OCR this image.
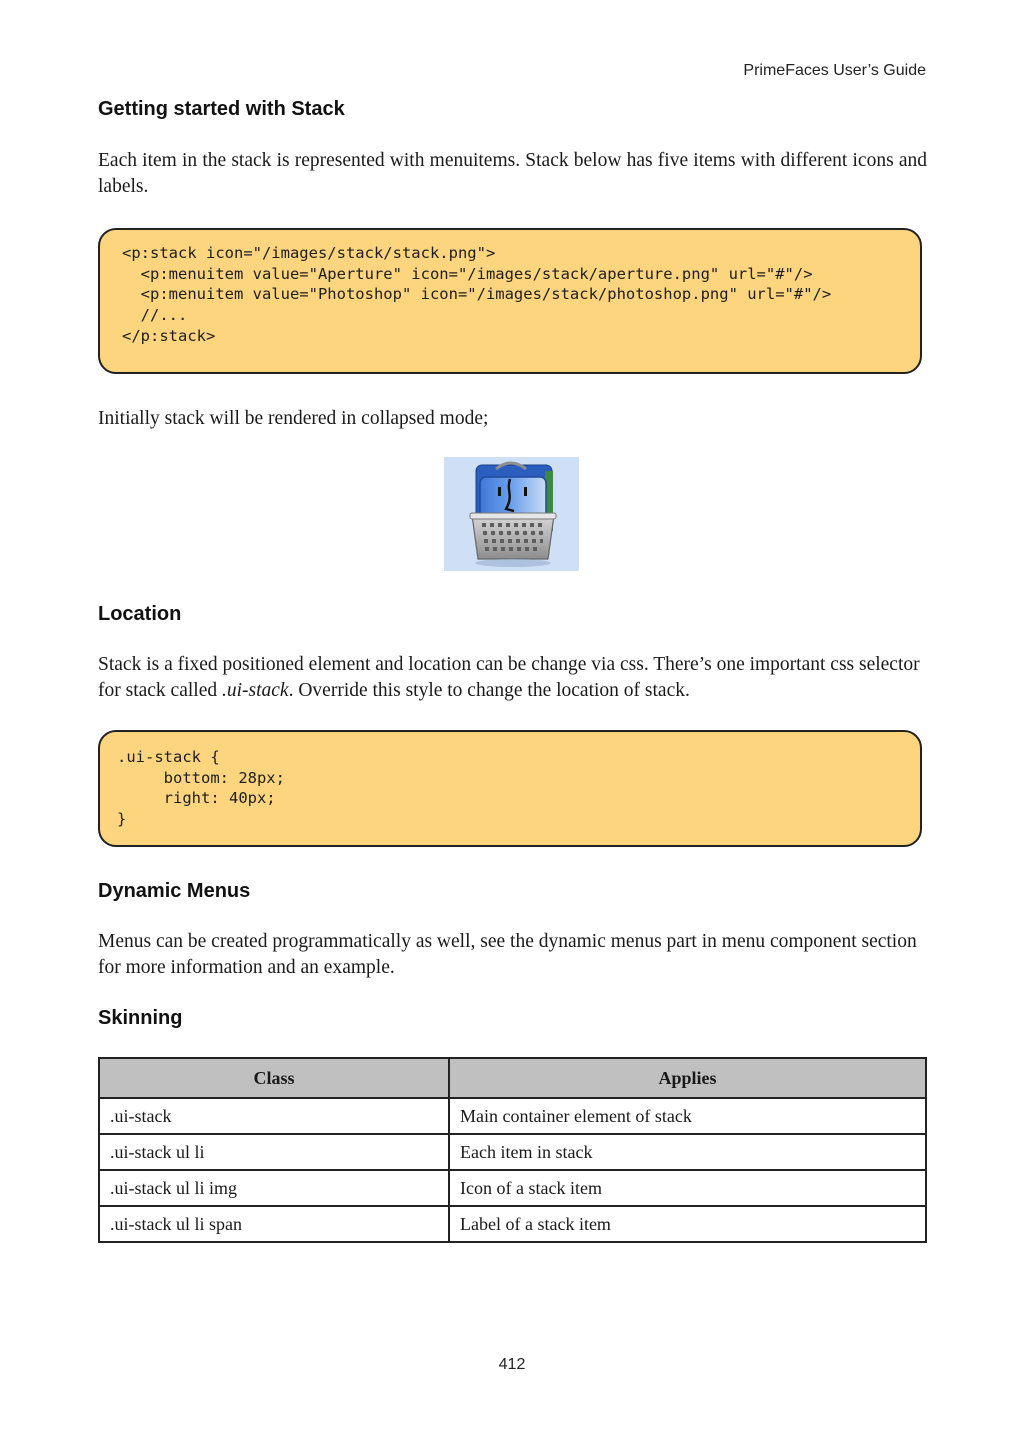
PrimeFaces User’s Guide
Getting started with Stack

Each item in the stack is represented with menuitems. Stack below has five items with different icons and labels.

<p:stack icon="/images/stack/stack.png">
<p:menuitem value="Aperture" icon="/images/stack/aperture.png" url="#"/>
<p:menuitem value="Photoshop" icon="/images/stack/photoshop.png" url="#"/>
//...
</p:stack>

Initially stack will be rendered in collapsed mode;

Location

Stack is a fixed positioned element and location can be change via css. There’s one important css selector for stack called .ui-stack. Override this style to change the location of stack.

.ui-stack {
bottom: 28px;
right: 40px;
}
Dynamic Menus

Menus can be created programmatically as well, see the dynamic menus part in menu component section for more information and an example.

Skinning
Class	Applies
.ui-stack	Main container element of stack
.ui-stack ul li	Each item in stack
.ui-stack ul li img	Icon of a stack item
.ui-stack ul li span	Label of a stack item
412
